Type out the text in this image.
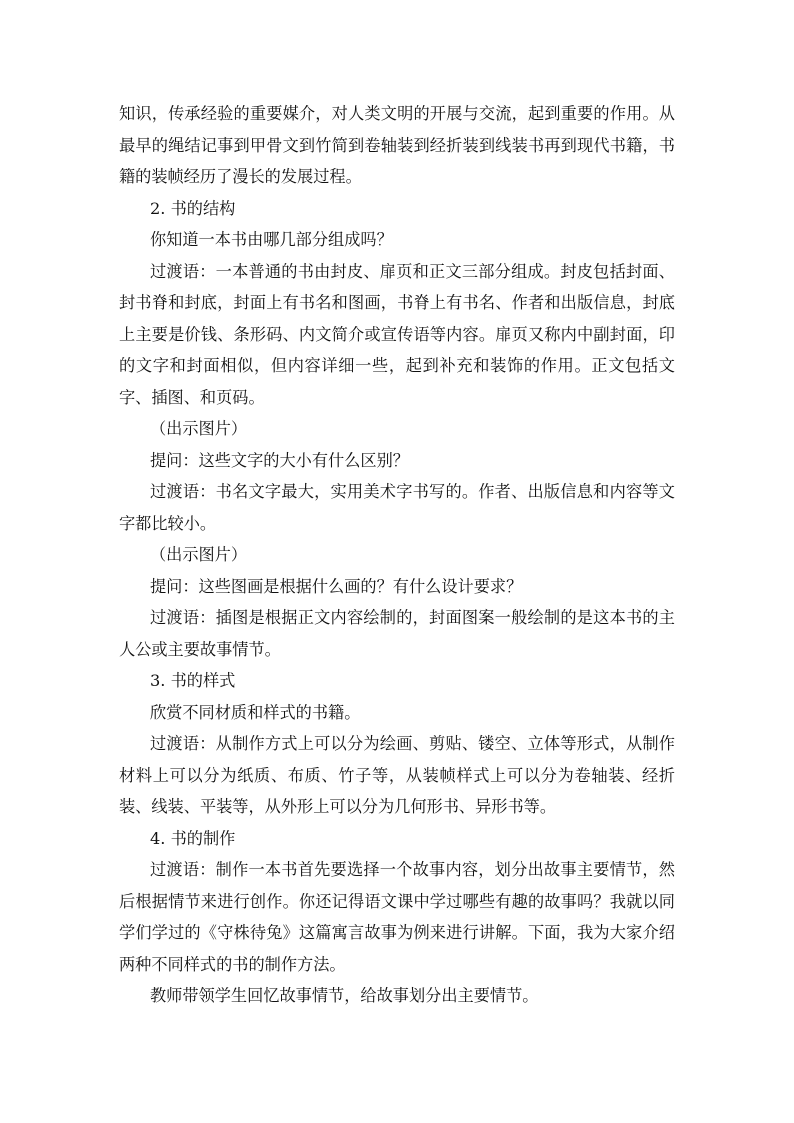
知识，传承经验的重要媒介，对人类文明的开展与交流，起到重要的作用。从最早的绳结记事到甲骨文到竹简到卷轴装到经折装到线装书再到现代书籍，书籍的装帧经历了漫长的发展过程。

2. 书的结构

你知道一本书由哪几部分组成吗？

过渡语：一本普通的书由封皮、扉页和正文三部分组成。封皮包括封面、封书脊和封底，封面上有书名和图画，书脊上有书名、作者和出版信息，封底上主要是价钱、条形码、内文简介或宣传语等内容。扉页又称内中副封面，印的文字和封面相似，但内容详细一些，起到补充和装饰的作用。正文包括文字、插图、和页码。

（出示图片）

提问：这些文字的大小有什么区别？

过渡语：书名文字最大，实用美术字书写的。作者、出版信息和内容等文字都比较小。

（出示图片）

提问：这些图画是根据什么画的？有什么设计要求？

过渡语：插图是根据正文内容绘制的，封面图案一般绘制的是这本书的主人公或主要故事情节。

3. 书的样式

欣赏不同材质和样式的书籍。

过渡语：从制作方式上可以分为绘画、剪贴、镂空、立体等形式，从制作材料上可以分为纸质、布质、竹子等，从装帧样式上可以分为卷轴装、经折装、线装、平装等，从外形上可以分为几何形书、异形书等。

4. 书的制作

过渡语：制作一本书首先要选择一个故事内容，划分出故事主要情节，然后根据情节来进行创作。你还记得语文课中学过哪些有趣的故事吗？我就以同学们学过的《守株待兔》这篇寓言故事为例来进行讲解。下面，我为大家介绍两种不同样式的书的制作方法。

教师带领学生回忆故事情节，给故事划分出主要情节。
